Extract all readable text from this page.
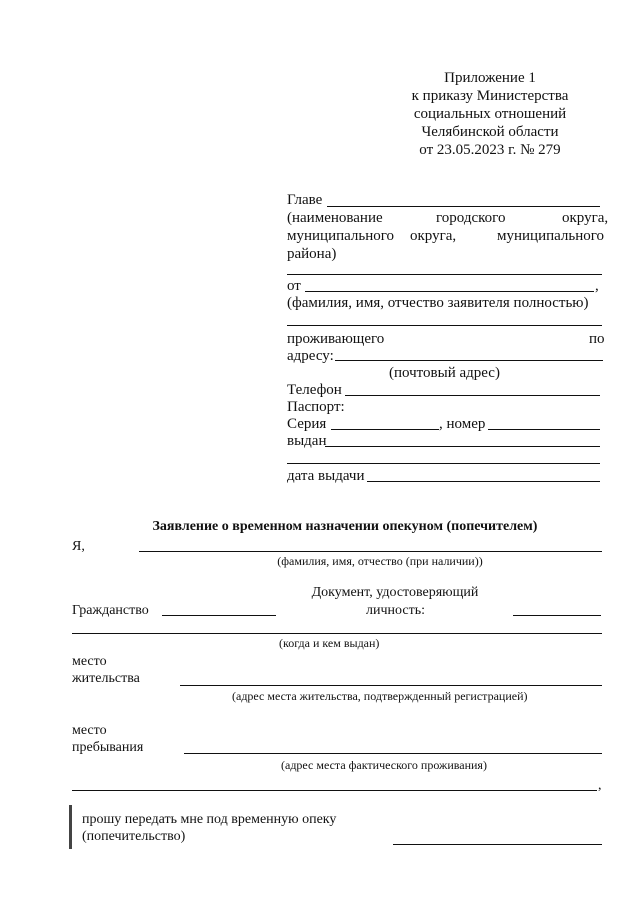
Приложение 1
к приказу Министерства
социальных отношений
Челябинской области
от 23.05.2023 г. № 279
Главе
(наименование	городского	округа,
муниципального округа,	муниципального
района)
от	,
(фамилия, имя, отчество заявителя полностью)
проживающего	по
адресу:
(почтовый адрес)
Телефон
Паспорт:
Серия	, номер
выдан
дата выдачи
Заявление о временном назначении опекуном (попечителем)
Я,
(фамилия, имя, отчество (при наличии))
Документ, удостоверяющий
Гражданство	личность:
(когда и кем выдан)
место
жительства
(адрес места жительства, подтвержденный регистрацией)
место
пребывания
(адрес места фактического проживания)
,
прошу передать мне под временную опеку
(попечительство)
